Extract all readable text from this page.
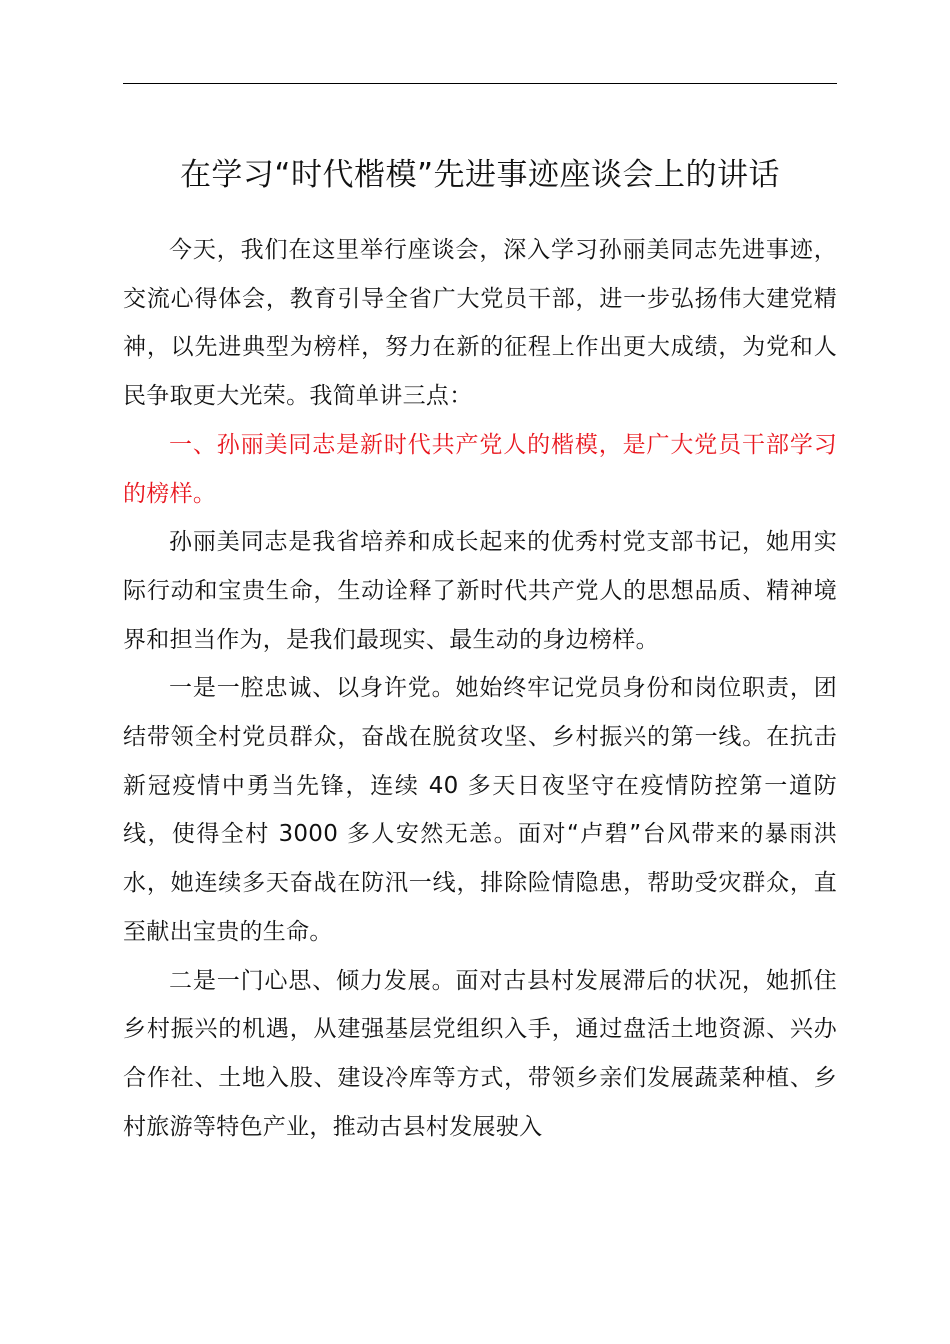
在学习“时代楷模”先进事迹座谈会上的讲话

今天，我们在这里举行座谈会，深入学习孙丽美同志先进事迹，交流心得体会，教育引导全省广大党员干部，进一步弘扬伟大建党精神，以先进典型为榜样，努力在新的征程上作出更大成绩，为党和人民争取更大光荣。我简单讲三点：

一、孙丽美同志是新时代共产党人的楷模，是广大党员干部学习的榜样。

孙丽美同志是我省培养和成长起来的优秀村党支部书记，她用实际行动和宝贵生命，生动诠释了新时代共产党人的思想品质、精神境界和担当作为，是我们最现实、最生动的身边榜样。

一是一腔忠诚、以身许党。她始终牢记党员身份和岗位职责，团结带领全村党员群众，奋战在脱贫攻坚、乡村振兴的第一线。在抗击新冠疫情中勇当先锋，连续 40 多天日夜坚守在疫情防控第一道防线，使得全村 3000 多人安然无恙。面对“卢碧”台风带来的暴雨洪水，她连续多天奋战在防汛一线，排除险情隐患，帮助受灾群众，直至献出宝贵的生命。

二是一门心思、倾力发展。面对古县村发展滞后的状况，她抓住乡村振兴的机遇，从建强基层党组织入手，通过盘活土地资源、兴办合作社、土地入股、建设冷库等方式，带领乡亲们发展蔬菜种植、乡村旅游等特色产业，推动古县村发展驶入
